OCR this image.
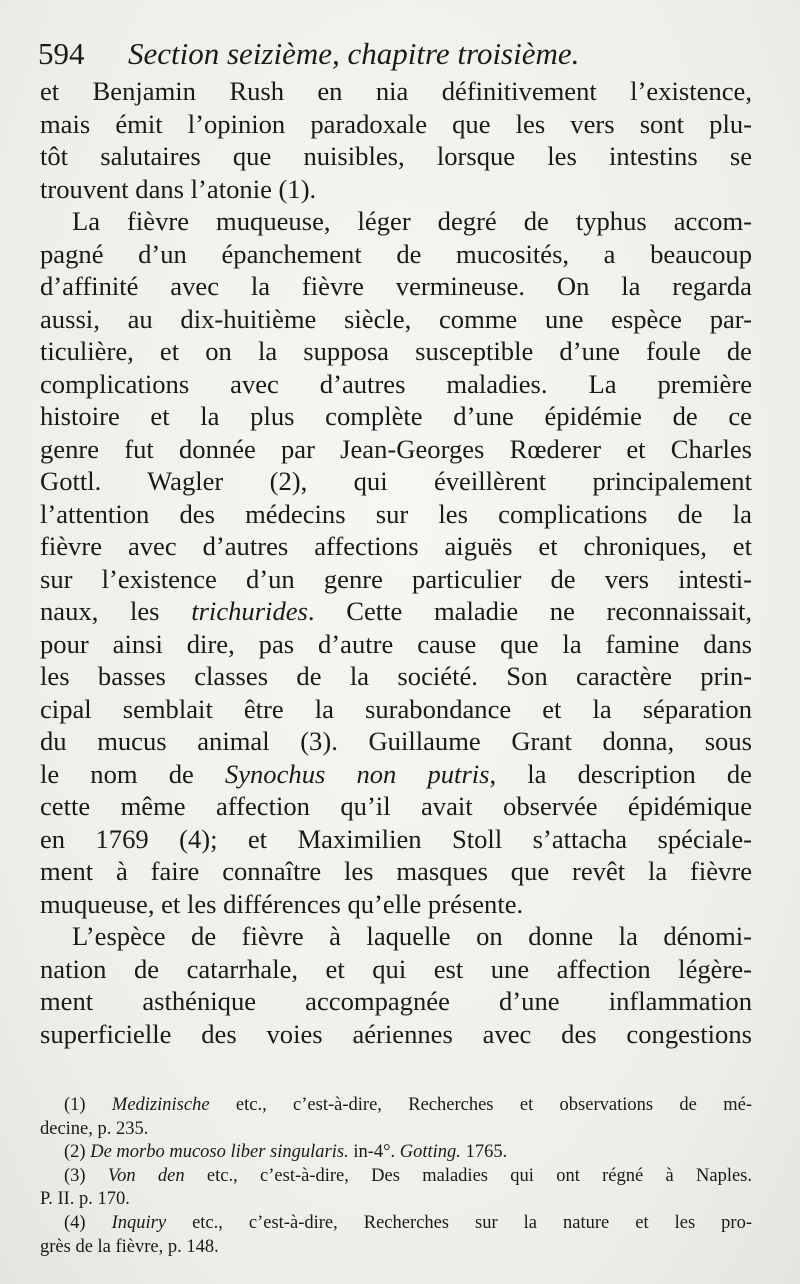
594 Section seizième, chapitre troisième.
et Benjamin Rush en nia définitivement l’existence,
mais émit l’opinion paradoxale que les vers sont plu-
tôt salutaires que nuisibles, lorsque les intestins se
trouvent dans l’atonie (1).
La fièvre muqueuse, léger degré de typhus accom-
pagné d’un épanchement de mucosités, a beaucoup
d’affinité avec la fièvre vermineuse. On la regarda
aussi, au dix-huitième siècle, comme une espèce par-
ticulière, et on la supposa susceptible d’une foule de
complications avec d’autres maladies. La première
histoire et la plus complète d’une épidémie de ce
genre fut donnée par Jean-Georges Rœderer et Charles
Gottl. Wagler (2), qui éveillèrent principalement
l’attention des médecins sur les complications de la
fièvre avec d’autres affections aiguës et chroniques, et
sur l’existence d’un genre particulier de vers intesti-
naux, les trichurides. Cette maladie ne reconnaissait,
pour ainsi dire, pas d’autre cause que la famine dans
les basses classes de la société. Son caractère prin-
cipal semblait être la surabondance et la séparation
du mucus animal (3). Guillaume Grant donna, sous
le nom de Synochus non putris, la description de
cette même affection qu’il avait observée épidémique
en 1769 (4); et Maximilien Stoll s’attacha spéciale-
ment à faire connaître les masques que revêt la fièvre
muqueuse, et les différences qu’elle présente.
L’espèce de fièvre à laquelle on donne la dénomi-
nation de catarrhale, et qui est une affection légère-
ment asthénique accompagnée d’une inflammation
superficielle des voies aériennes avec des congestions
(1) Medizinische etc., c’est-à-dire, Recherches et observations de mé-
decine, p. 235.
(2) De morbo mucoso liber singularis. in-4°. Gotting. 1765.
(3) Von den etc., c’est-à-dire, Des maladies qui ont régné à Naples.
P. II. p. 170.
(4) Inquiry etc., c’est-à-dire, Recherches sur la nature et les pro-
grès de la fièvre, p. 148.
